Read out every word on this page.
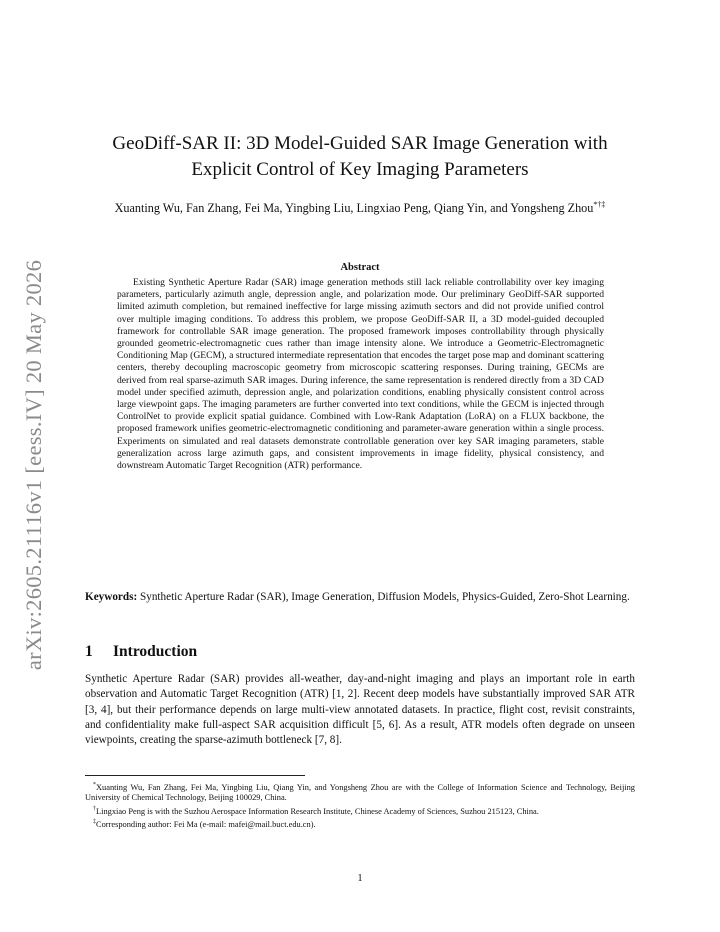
arXiv:2605.21116v1 [eess.IV] 20 May 2026
GeoDiff-SAR II: 3D Model-Guided SAR Image Generation with
Explicit Control of Key Imaging Parameters
Xuanting Wu, Fan Zhang, Fei Ma, Yingbing Liu, Lingxiao Peng, Qiang Yin, and Yongsheng Zhou*†‡
Abstract
Existing Synthetic Aperture Radar (SAR) image generation methods still lack reliable controllability over key imaging parameters, particularly azimuth angle, depression angle, and polarization mode. Our preliminary GeoDiff-SAR supported limited azimuth completion, but remained ineffective for large missing azimuth sectors and did not provide unified control over multiple imaging conditions. To address this problem, we propose GeoDiff-SAR II, a 3D model-guided decoupled framework for controllable SAR image generation. The proposed framework imposes controllability through physically grounded geometric-electromagnetic cues rather than image intensity alone. We introduce a Geometric-Electromagnetic Conditioning Map (GECM), a structured intermediate representation that encodes the target pose map and dominant scattering centers, thereby decoupling macroscopic geometry from microscopic scattering responses. During training, GECMs are derived from real sparse-azimuth SAR images. During inference, the same representation is rendered directly from a 3D CAD model under specified azimuth, depression angle, and polarization conditions, enabling physically consistent control across large viewpoint gaps. The imaging parameters are further converted into text conditions, while the GECM is injected through ControlNet to provide explicit spatial guidance. Combined with Low-Rank Adaptation (LoRA) on a FLUX backbone, the proposed framework unifies geometric-electromagnetic conditioning and parameter-aware generation within a single process. Experiments on simulated and real datasets demonstrate controllable generation over key SAR imaging parameters, stable generalization across large azimuth gaps, and consistent improvements in image fidelity, physical consistency, and downstream Automatic Target Recognition (ATR) performance.
Keywords: Synthetic Aperture Radar (SAR), Image Generation, Diffusion Models, Physics-Guided, Zero-Shot Learning.
1 Introduction
Synthetic Aperture Radar (SAR) provides all-weather, day-and-night imaging and plays an important role in earth observation and Automatic Target Recognition (ATR) [1, 2]. Recent deep models have substantially improved SAR ATR [3, 4], but their performance depends on large multi-view annotated datasets. In practice, flight cost, revisit constraints, and confidentiality make full-aspect SAR acquisition difficult [5, 6]. As a result, ATR models often degrade on unseen viewpoints, creating the sparse-azimuth bottleneck [7, 8].

*Xuanting Wu, Fan Zhang, Fei Ma, Yingbing Liu, Qiang Yin, and Yongsheng Zhou are with the College of Information Science and Technology, Beijing University of Chemical Technology, Beijing 100029, China.

†Lingxiao Peng is with the Suzhou Aerospace Information Research Institute, Chinese Academy of Sciences, Suzhou 215123, China.

‡Corresponding author: Fei Ma (e-mail: mafei@mail.buct.edu.cn).

1
